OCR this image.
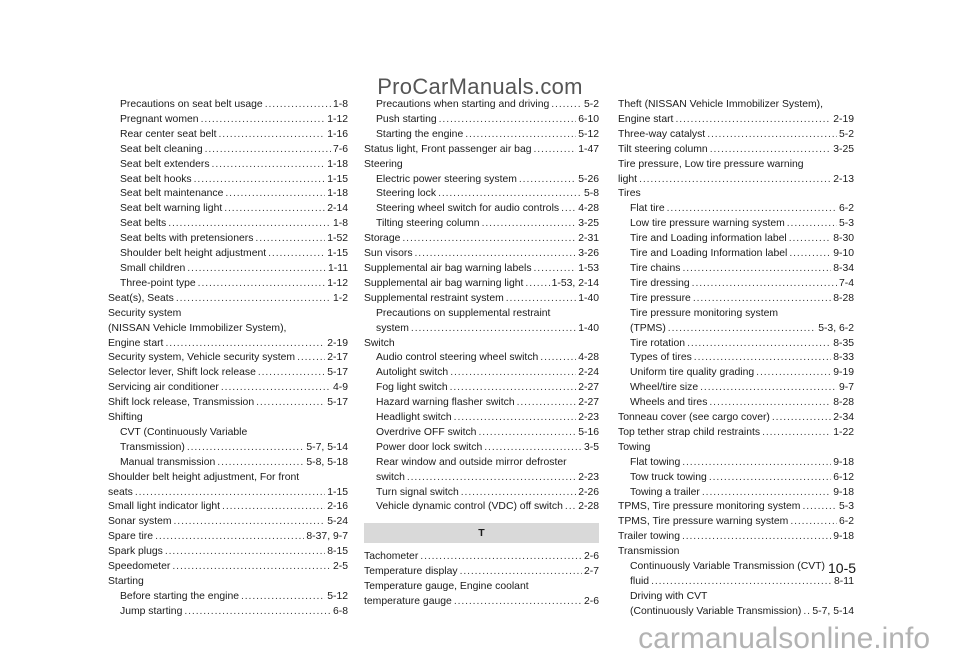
ProCarManuals.com
Precautions on seat belt usage . . .	1-8
Pregnant women . . .	1-12
Rear center seat belt . . .	1-16
Seat belt cleaning . . .	7-6
Seat belt extenders . . .	1-18
Seat belt hooks . . .	1-15
Seat belt maintenance . . .	1-18
Seat belt warning light . . .	2-14
Seat belts . . .	1-8
Seat belts with pretensioners . . .	1-52
Shoulder belt height adjustment . . .	1-15
Small children . . .	1-11
Three-point type . . .	1-12
Seat(s), Seats . . .	1-2
Security system
(NISSAN Vehicle Immobilizer System),
Engine start . . .	2-19
Security system, Vehicle security system . . .	2-17
Selector lever, Shift lock release . . .	5-17
Servicing air conditioner . . .	4-9
Shift lock release, Transmission . . .	5-17
Shifting
CVT (Continuously Variable
Transmission) . . .	5-7, 5-14
Manual transmission . . .	5-8, 5-18
Shoulder belt height adjustment, For front
seats . . .	1-15
Small light indicator light . . .	2-16
Sonar system . . .	5-24
Spare tire . . .	8-37, 9-7
Spark plugs . . .	8-15
Speedometer . . .	2-5
Starting
Before starting the engine . . .	5-12
Jump starting . . .	6-8
Precautions when starting and driving . . .	5-2
Push starting . . .	6-10
Starting the engine . . .	5-12
Status light, Front passenger air bag . . .	1-47
Steering
Electric power steering system . . .	5-26
Steering lock . . .	5-8
Steering wheel switch for audio controls . . . 4-28
Tilting steering column . . .	3-25
Storage . . .	2-31
Sun visors . . .	3-26
Supplemental air bag warning labels . . .	1-53
Supplemental air bag warning light . . .	1-53, 2-14
Supplemental restraint system . . .	1-40
Precautions on supplemental restraint
system . . .	1-40
Switch
Audio control steering wheel switch . . .	4-28
Autolight switch . . .	2-24
Fog light switch . . .	2-27
Hazard warning flasher switch . . .	2-27
Headlight switch . . .	2-23
Overdrive OFF switch . . .	5-16
Power door lock switch . . .	3-5
Rear window and outside mirror defroster
switch . . .	2-23
Turn signal switch . . .	2-26
Vehicle dynamic control (VDC) off switch . . . 2-28
T
Tachometer . . .	2-6
Temperature display . . .	2-7
Temperature gauge, Engine coolant
temperature gauge . . .	2-6
Theft (NISSAN Vehicle Immobilizer System),
Engine start . . .	2-19
Three-way catalyst . . .	5-2
Tilt steering column . . .	3-25
Tire pressure, Low tire pressure warning
light . . .	2-13
Tires
Flat tire . . .	6-2
Low tire pressure warning system . . .	5-3
Tire and Loading information label . . .	8-30
Tire and Loading Information label . . .	9-10
Tire chains . . .	8-34
Tire dressing . . .	7-4
Tire pressure . . .	8-28
Tire pressure monitoring system
(TPMS) . . .	5-3, 6-2
Tire rotation . . .	8-35
Types of tires . . .	8-33
Uniform tire quality grading . . .	9-19
Wheel/tire size . . .	9-7
Wheels and tires . . .	8-28
Tonneau cover (see cargo cover) . . .	2-34
Top tether strap child restraints . . .	1-22
Towing
Flat towing . . .	9-18
Tow truck towing . . .	6-12
Towing a trailer . . .	9-18
TPMS, Tire pressure monitoring system . . .	5-3
TPMS, Tire pressure warning system . . .	6-2
Trailer towing . . .	9-18
Transmission
Continuously Variable Transmission (CVT)
fluid . . .	8-11
Driving with CVT
(Continuously Variable Transmission) . . . 5-7, 5-14
10-5
carmanualsonline.info
